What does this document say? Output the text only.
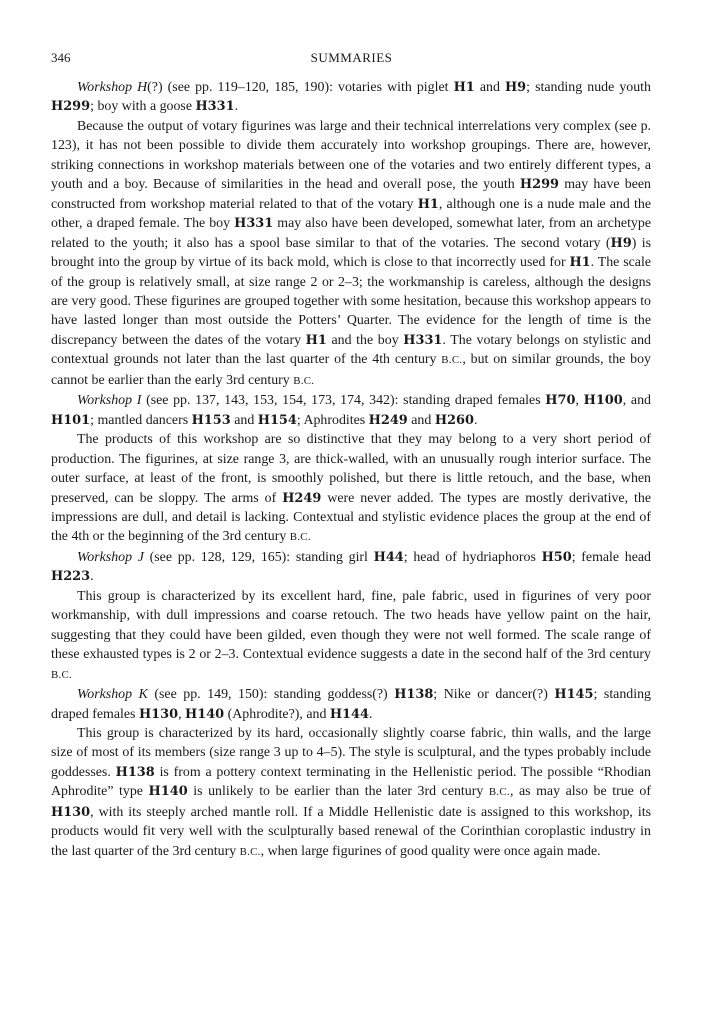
346	SUMMARIES

Workshop H(?) (see pp. 119–120, 185, 190): votaries with piglet H1 and H9; standing nude youth H299; boy with a goose H331.

Because the output of votary figurines was large and their technical interrelations very complex (see p. 123), it has not been possible to divide them accurately into workshop groupings. There are, however, striking connections in workshop materials between one of the votaries and two entirely different types, a youth and a boy. Because of similarities in the head and overall pose, the youth H299 may have been constructed from workshop material related to that of the votary H1, although one is a nude male and the other, a draped female. The boy H331 may also have been developed, somewhat later, from an archetype related to the youth; it also has a spool base similar to that of the votaries. The second votary (H9) is brought into the group by virtue of its back mold, which is close to that incorrectly used for H1. The scale of the group is relatively small, at size range 2 or 2–3; the workmanship is careless, although the designs are very good. These figurines are grouped together with some hesitation, because this workshop appears to have lasted longer than most outside the Potters’ Quarter. The evidence for the length of time is the discrepancy between the dates of the votary H1 and the boy H331. The votary belongs on stylistic and contextual grounds not later than the last quarter of the 4th century B.C., but on similar grounds, the boy cannot be earlier than the early 3rd century B.C.

Workshop I (see pp. 137, 143, 153, 154, 173, 174, 342): standing draped females H70, H100, and H101; mantled dancers H153 and H154; Aphrodites H249 and H260.

The products of this workshop are so distinctive that they may belong to a very short period of production. The figurines, at size range 3, are thick-walled, with an unusually rough interior surface. The outer surface, at least of the front, is smoothly polished, but there is little retouch, and the base, when preserved, can be sloppy. The arms of H249 were never added. The types are mostly derivative, the impressions are dull, and detail is lacking. Contextual and stylistic evidence places the group at the end of the 4th or the beginning of the 3rd century B.C.

Workshop J (see pp. 128, 129, 165): standing girl H44; head of hydriaphoros H50; female head H223.

This group is characterized by its excellent hard, fine, pale fabric, used in figurines of very poor workmanship, with dull impressions and coarse retouch. The two heads have yellow paint on the hair, suggesting that they could have been gilded, even though they were not well formed. The scale range of these exhausted types is 2 or 2–3. Contextual evidence suggests a date in the second half of the 3rd century B.C.

Workshop K (see pp. 149, 150): standing goddess(?) H138; Nike or dancer(?) H145; standing draped females H130, H140 (Aphrodite?), and H144.

This group is characterized by its hard, occasionally slightly coarse fabric, thin walls, and the large size of most of its members (size range 3 up to 4–5). The style is sculptural, and the types probably include goddesses. H138 is from a pottery context terminating in the Hellenistic period. The possible “Rhodian Aphrodite” type H140 is unlikely to be earlier than the later 3rd century B.C., as may also be true of H130, with its steeply arched mantle roll. If a Middle Hellenistic date is assigned to this workshop, its products would fit very well with the sculpturally based renewal of the Corinthian coroplastic industry in the last quarter of the 3rd century B.C., when large figurines of good quality were once again made.
